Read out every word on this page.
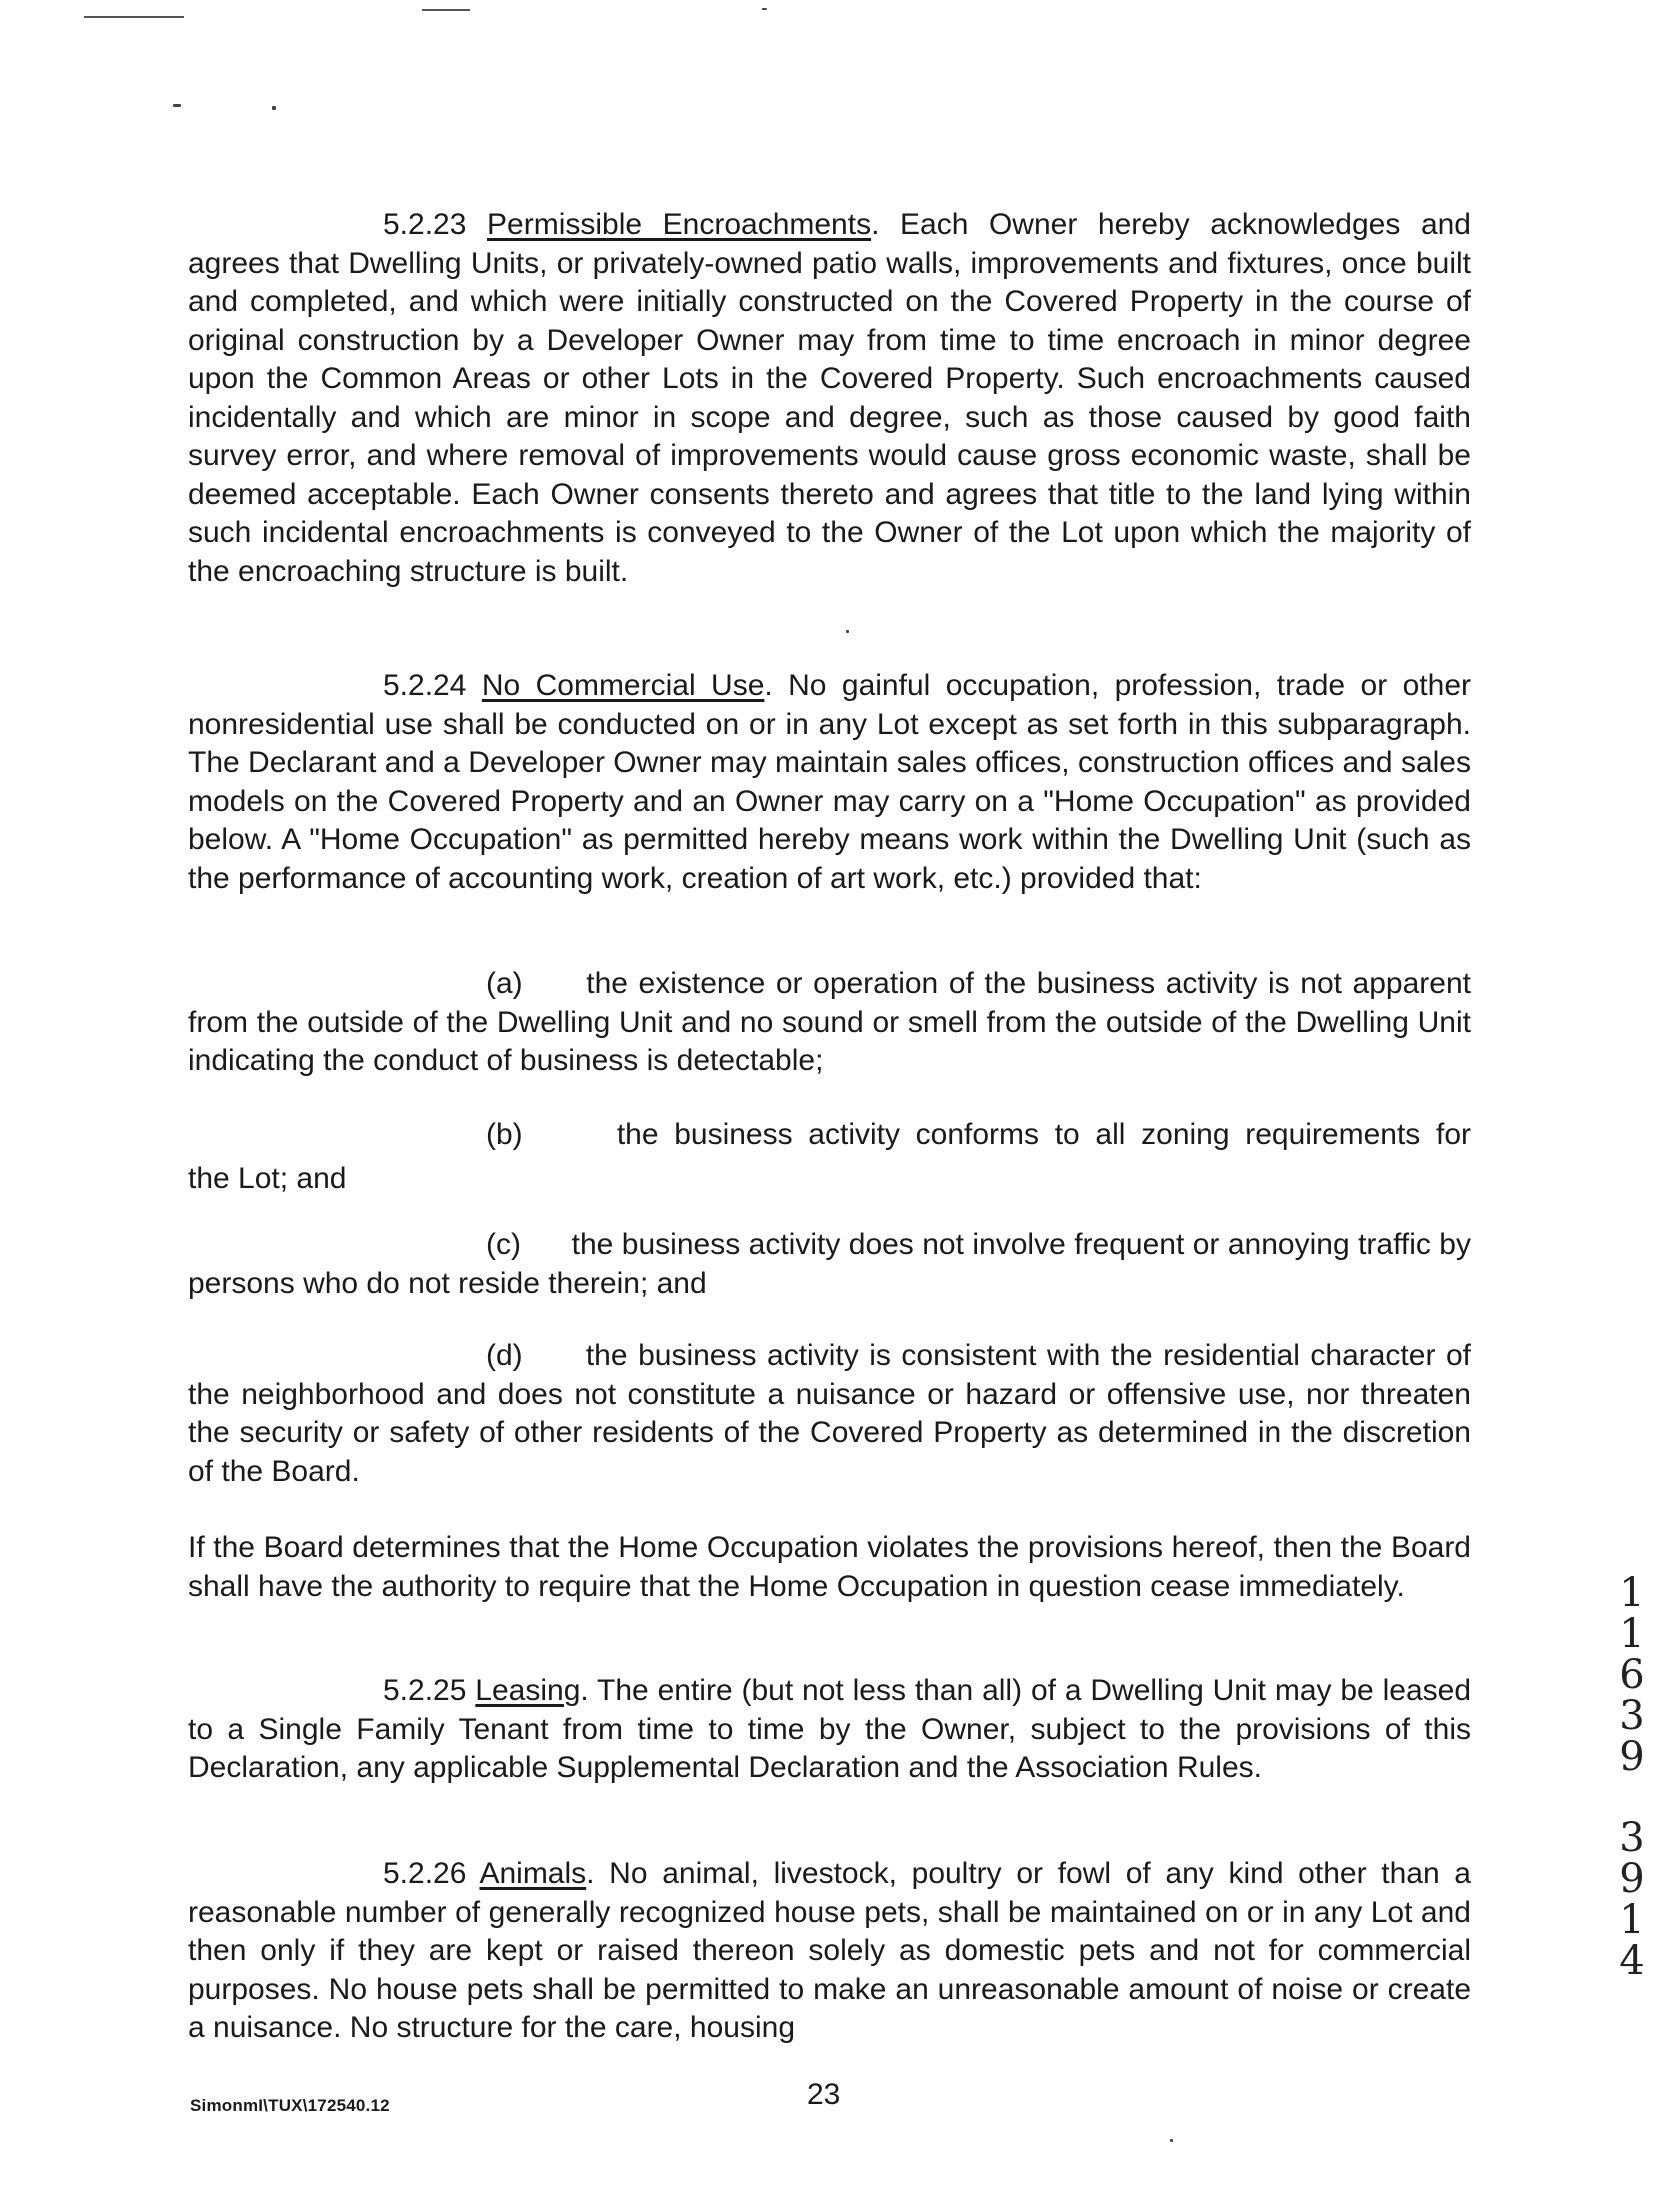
5.2.23 Permissible Encroachments. Each Owner hereby acknowledges and agrees that Dwelling Units, or privately-owned patio walls, improvements and fixtures, once built and completed, and which were initially constructed on the Covered Property in the course of original construction by a Developer Owner may from time to time encroach in minor degree upon the Common Areas or other Lots in the Covered Property. Such encroachments caused incidentally and which are minor in scope and degree, such as those caused by good faith survey error, and where removal of improvements would cause gross economic waste, shall be deemed acceptable. Each Owner consents thereto and agrees that title to the land lying within such incidental encroachments is conveyed to the Owner of the Lot upon which the majority of the encroaching structure is built.

5.2.24 No Commercial Use. No gainful occupation, profession, trade or other nonresidential use shall be conducted on or in any Lot except as set forth in this subparagraph. The Declarant and a Developer Owner may maintain sales offices, construction offices and sales models on the Covered Property and an Owner may carry on a "Home Occupation" as provided below. A "Home Occupation" as permitted hereby means work within the Dwelling Unit (such as the performance of accounting work, creation of art work, etc.) provided that:

(a) the existence or operation of the business activity is not apparent from the outside of the Dwelling Unit and no sound or smell from the outside of the Dwelling Unit indicating the conduct of business is detectable;

(b)	the business activity conforms to all zoning requirements for

the Lot; and

(c) the business activity does not involve frequent or annoying traffic by persons who do not reside therein; and

(d) the business activity is consistent with the residential character of the neighborhood and does not constitute a nuisance or hazard or offensive use, nor threaten the security or safety of other residents of the Covered Property as determined in the discretion of the Board.

If the Board determines that the Home Occupation violates the provisions hereof, then the Board shall have the authority to require that the Home Occupation in question cease immediately.

5.2.25 Leasing. The entire (but not less than all) of a Dwelling Unit may be leased to a Single Family Tenant from time to time by the Owner, subject to the provisions of this Declaration, any applicable Supplemental Declaration and the Association Rules.

5.2.26 Animals. No animal, livestock, poultry or fowl of any kind other than a reasonable number of generally recognized house pets, shall be maintained on or in any Lot and then only if they are kept or raised thereon solely as domestic pets and not for commercial purposes. No house pets shall be permitted to make an unreasonable amount of noise or create a nuisance. No structure for the care, housing

SimonmI\TUX\172540.12	23
1
1
6
3
9
3
9
1
4
